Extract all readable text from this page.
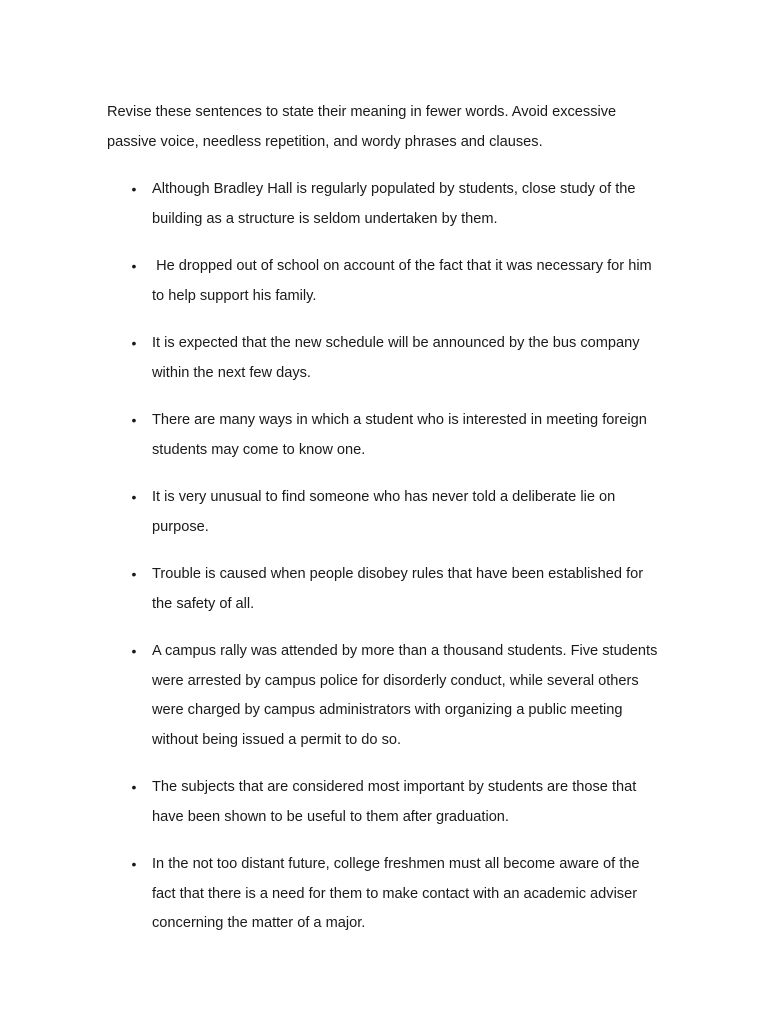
Revise these sentences to state their meaning in fewer words. Avoid excessive passive voice, needless repetition, and wordy phrases and clauses.

• Although Bradley Hall is regularly populated by students, close study of the building as a structure is seldom undertaken by them.
• He dropped out of school on account of the fact that it was necessary for him to help support his family.
• It is expected that the new schedule will be announced by the bus company within the next few days.
• There are many ways in which a student who is interested in meeting foreign students may come to know one.
• It is very unusual to find someone who has never told a deliberate lie on purpose.
• Trouble is caused when people disobey rules that have been established for the safety of all.
• A campus rally was attended by more than a thousand students. Five students were arrested by campus police for disorderly conduct, while several others were charged by campus administrators with organizing a public meeting without being issued a permit to do so.
• The subjects that are considered most important by students are those that have been shown to be useful to them after graduation.
• In the not too distant future, college freshmen must all become aware of the fact that there is a need for them to make contact with an academic adviser concerning the matter of a major.
